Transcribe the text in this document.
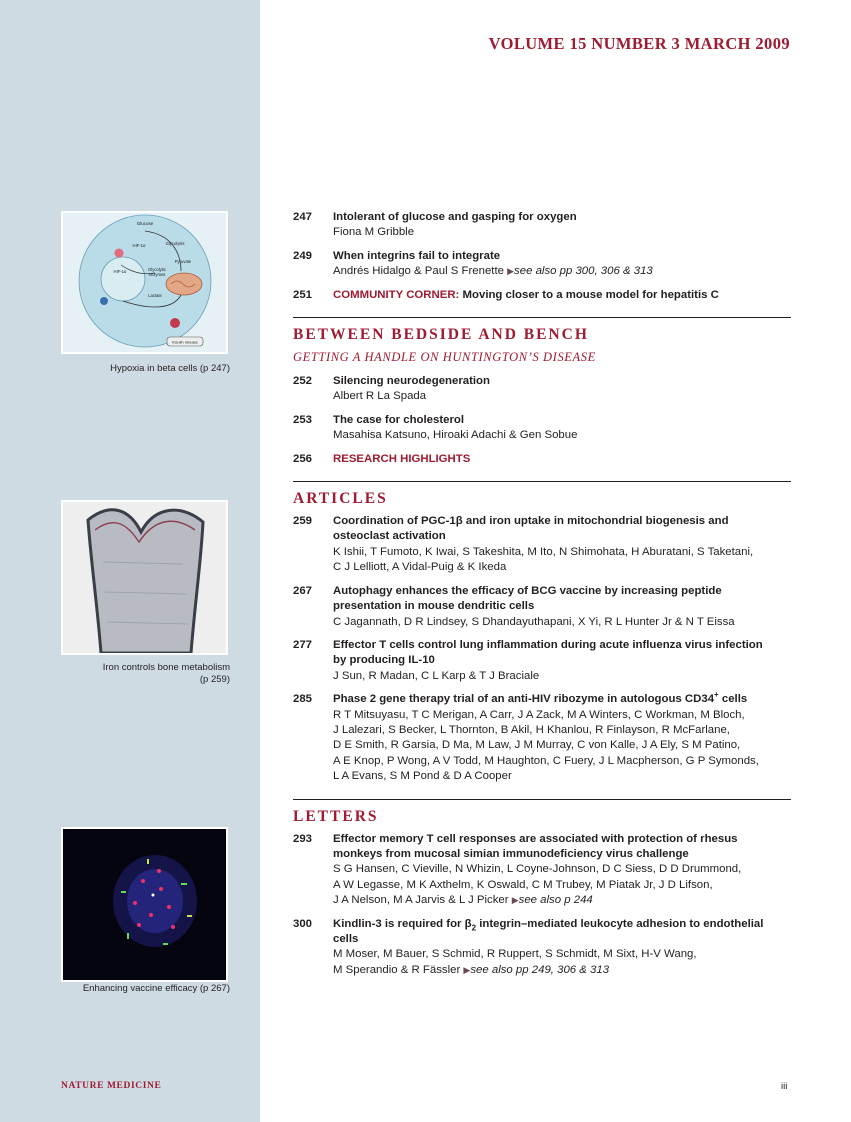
Glucose
Glycolysis
HIF-1α
HIF-1α	Glycolytic
enzymes
Pyruvate
Lactate
Insulin release
Hypoxia in beta cells (p 247)
Iron controls bone metabolism
(p 259)
Enhancing vaccine efficacy (p 267)
VOLUME 15 NUMBER 3 MARCH 2009
247 Intolerant of glucose and gasping for oxygen
Fiona M Gribble
249 When integrins fail to integrate
Andrés Hidalgo & Paul S Frenette ▶see also pp 300, 306 & 313
251 COMMUNITY CORNER: Moving closer to a mouse model for hepatitis C
BETWEEN BEDSIDE AND BENCH
GETTING A HANDLE ON HUNTINGTON’S DISEASE
252 Silencing neurodegeneration
Albert R La Spada
253 The case for cholesterol
Masahisa Katsuno, Hiroaki Adachi & Gen Sobue
256 RESEARCH HIGHLIGHTS
ARTICLES
259 Coordination of PGC-1β and iron uptake in mitochondrial biogenesis and
osteoclast activation
K Ishii, T Fumoto, K Iwai, S Takeshita, M Ito, N Shimohata, H Aburatani, S Taketani,
C J Lelliott, A Vidal-Puig & K Ikeda
267 Autophagy enhances the efficacy of BCG vaccine by increasing peptide
presentation in mouse dendritic cells
C Jagannath, D R Lindsey, S Dhandayuthapani, X Yi, R L Hunter Jr & N T Eissa
277 Effector T cells control lung inflammation during acute influenza virus infection
by producing IL-10
J Sun, R Madan, C L Karp & T J Braciale
285 Phase 2 gene therapy trial of an anti-HIV ribozyme in autologous CD34+ cells
R T Mitsuyasu, T C Merigan, A Carr, J A Zack, M A Winters, C Workman, M Bloch,
J Lalezari, S Becker, L Thornton, B Akil, H Khanlou, R Finlayson, R McFarlane,
D E Smith, R Garsia, D Ma, M Law, J M Murray, C von Kalle, J A Ely, S M Patino,
A E Knop, P Wong, A V Todd, M Haughton, C Fuery, J L Macpherson, G P Symonds,
L A Evans, S M Pond & D A Cooper
LETTERS
293 Effector memory T cell responses are associated with protection of rhesus
monkeys from mucosal simian immunodeficiency virus challenge
S G Hansen, C Vieville, N Whizin, L Coyne-Johnson, D C Siess, D D Drummond,
A W Legasse, M K Axthelm, K Oswald, C M Trubey, M Piatak Jr, J D Lifson,
J A Nelson, M A Jarvis & L J Picker ▶see also p 244
300 Kindlin-3 is required for $\beta_2$ integrin–mediated leukocyte adhesion to endothelial
cells
M Moser, M Bauer, S Schmid, R Ruppert, S Schmidt, M Sixt, H-V Wang,
M Sperandio & R Fässler ▶see also pp 249, 306 & 313
NATURE MEDICINE	iii
